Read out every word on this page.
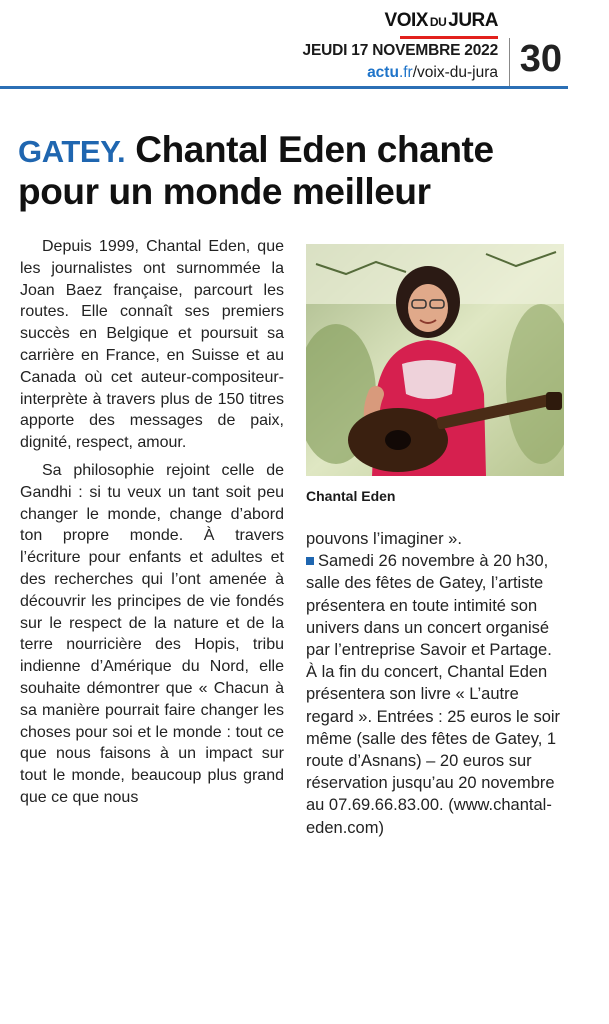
VOIX DU JURA
JEUDI 17 NOVEMBRE 2022
actu.fr/voix-du-jura 30
GATEY. Chantal Eden chante pour un monde meilleur

Depuis 1999, Chantal Eden, que les journalistes ont surnommée la Joan Baez française, parcourt les routes. Elle connaît ses premiers succès en Belgique et poursuit sa carrière en France, en Suisse et au Canada où cet auteur-compositeur-interprète à travers plus de 150 titres apporte des messages de paix, dignité, respect, amour.

Sa philosophie rejoint celle de Gandhi : si tu veux un tant soit peu changer le monde, change d’abord ton propre monde. À travers l’écriture pour enfants et adultes et des recherches qui l’ont amenée à découvrir les principes de vie fondés sur le respect de la nature et de la terre nourricière des Hopis, tribu indienne d’Amérique du Nord, elle souhaite démontrer que « Chacun à sa manière pourrait faire changer les choses pour soi et le monde : tout ce que nous faisons à un impact sur tout le monde, beaucoup plus grand que ce que nous

Chantal Eden

pouvons l’imaginer ».

Samedi 26 novembre à 20 h30, salle des fêtes de Gatey, l’artiste présentera en toute intimité son univers dans un concert organisé par l’entreprise Savoir et Partage. À la fin du concert, Chantal Eden présentera son livre « L’autre regard ». Entrées : 25 euros le soir même (salle des fêtes de Gatey, 1 route d’Asnans) – 20 euros sur réservation jusqu’au 20 novembre au 07.69.66.83.00. (www.chantal-eden.com)
